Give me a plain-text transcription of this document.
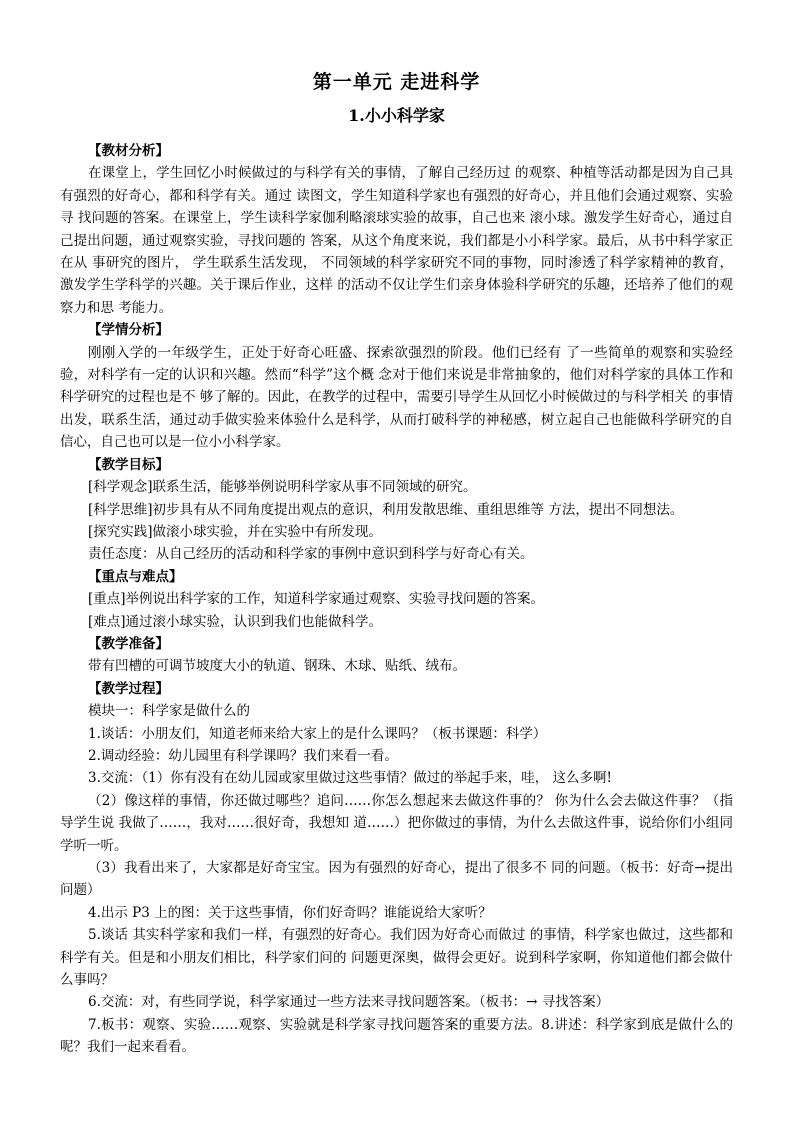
第一单元 走进科学
1.小小科学家

【教材分析】

在课堂上，学生回忆小时候做过的与科学有关的事情，了解自己经历过 的观察、种植等活动都是因为自己具有强烈的好奇心，都和科学有关。通过 读图文，学生知道科学家也有强烈的好奇心，并且他们会通过观察、实验寻 找问题的答案。在课堂上，学生读科学家伽利略滚球实验的故事，自己也来 滚小球。激发学生好奇心，通过自己提出问题，通过观察实验，寻找问题的 答案，从这个角度来说，我们都是小小科学家。最后，从书中科学家正在从 事研究的图片， 学生联系生活发现， 不同领域的科学家研究不同的事物，同时渗透了科学家精神的教育，激发学生学科学的兴趣。关于课后作业，这样 的活动不仅让学生们亲身体验科学研究的乐趣，还培养了他们的观察力和思 考能力。

【学情分析】

刚刚入学的一年级学生，正处于好奇心旺盛、探索欲强烈的阶段。他们已经有 了一些简单的观察和实验经验，对科学有一定的认识和兴趣。然而“科学”这个概 念对于他们来说是非常抽象的，他们对科学家的具体工作和科学研究的过程也是不 够了解的。因此，在教学的过程中，需要引导学生从回忆小时候做过的与科学相关 的事情出发，联系生活，通过动手做实验来体验什么是科学，从而打破科学的神秘感，树立起自己也能做科学研究的自信心，自己也可以是一位小小科学家。

【教学目标】

[科学观念]联系生活，能够举例说明科学家从事不同领域的研究。

[科学思维]初步具有从不同角度提出观点的意识，利用发散思维、重组思维等 方法，提出不同想法。

[探究实践]做滚小球实验，并在实验中有所发现。

责任态度：从自己经历的活动和科学家的事例中意识到科学与好奇心有关。

【重点与难点】

[重点]举例说出科学家的工作，知道科学家通过观察、实验寻找问题的答案。

[难点]通过滚小球实验，认识到我们也能做科学。

【教学准备】

带有凹槽的可调节坡度大小的轨道、钢珠、木球、贴纸、绒布。

【教学过程】

模块一：科学家是做什么的

1.谈话：小朋友们，知道老师来给大家上的是什么课吗？（板书课题：科学）

2.调动经验：幼儿园里有科学课吗？我们来看一看。

3.交流：（1）你有没有在幼儿园或家里做过这些事情？做过的举起手来，哇， 这么多啊!

（2）像这样的事情，你还做过哪些？追问……你怎么想起来去做这件事的？ 你为什么会去做这件事？（指导学生说 我做了……，我对……很好奇，我想知 道……）把你做过的事情，为什么去做这件事，说给你们小组同学听一听。

（3）我看出来了，大家都是好奇宝宝。因为有强烈的好奇心，提出了很多不 同的问题。（板书：好奇→提出问题）

4.出示 P3 上的图：关于这些事情，你们好奇吗？谁能说给大家听？

5.谈话 其实科学家和我们一样，有强烈的好奇心。我们因为好奇心而做过 的事情，科学家也做过，这些都和科学有关。但是和小朋友们相比，科学家们问的 问题更深奥，做得会更好。说到科学家啊，你知道他们都会做什么事吗？

6.交流：对，有些同学说，科学家通过一些方法来寻找问题答案。（板书：→ 寻找答案）

7.板书：观察、实验……观察、实验就是科学家寻找问题答案的重要方法。8.讲述：科学家到底是做什么的呢？我们一起来看看。
